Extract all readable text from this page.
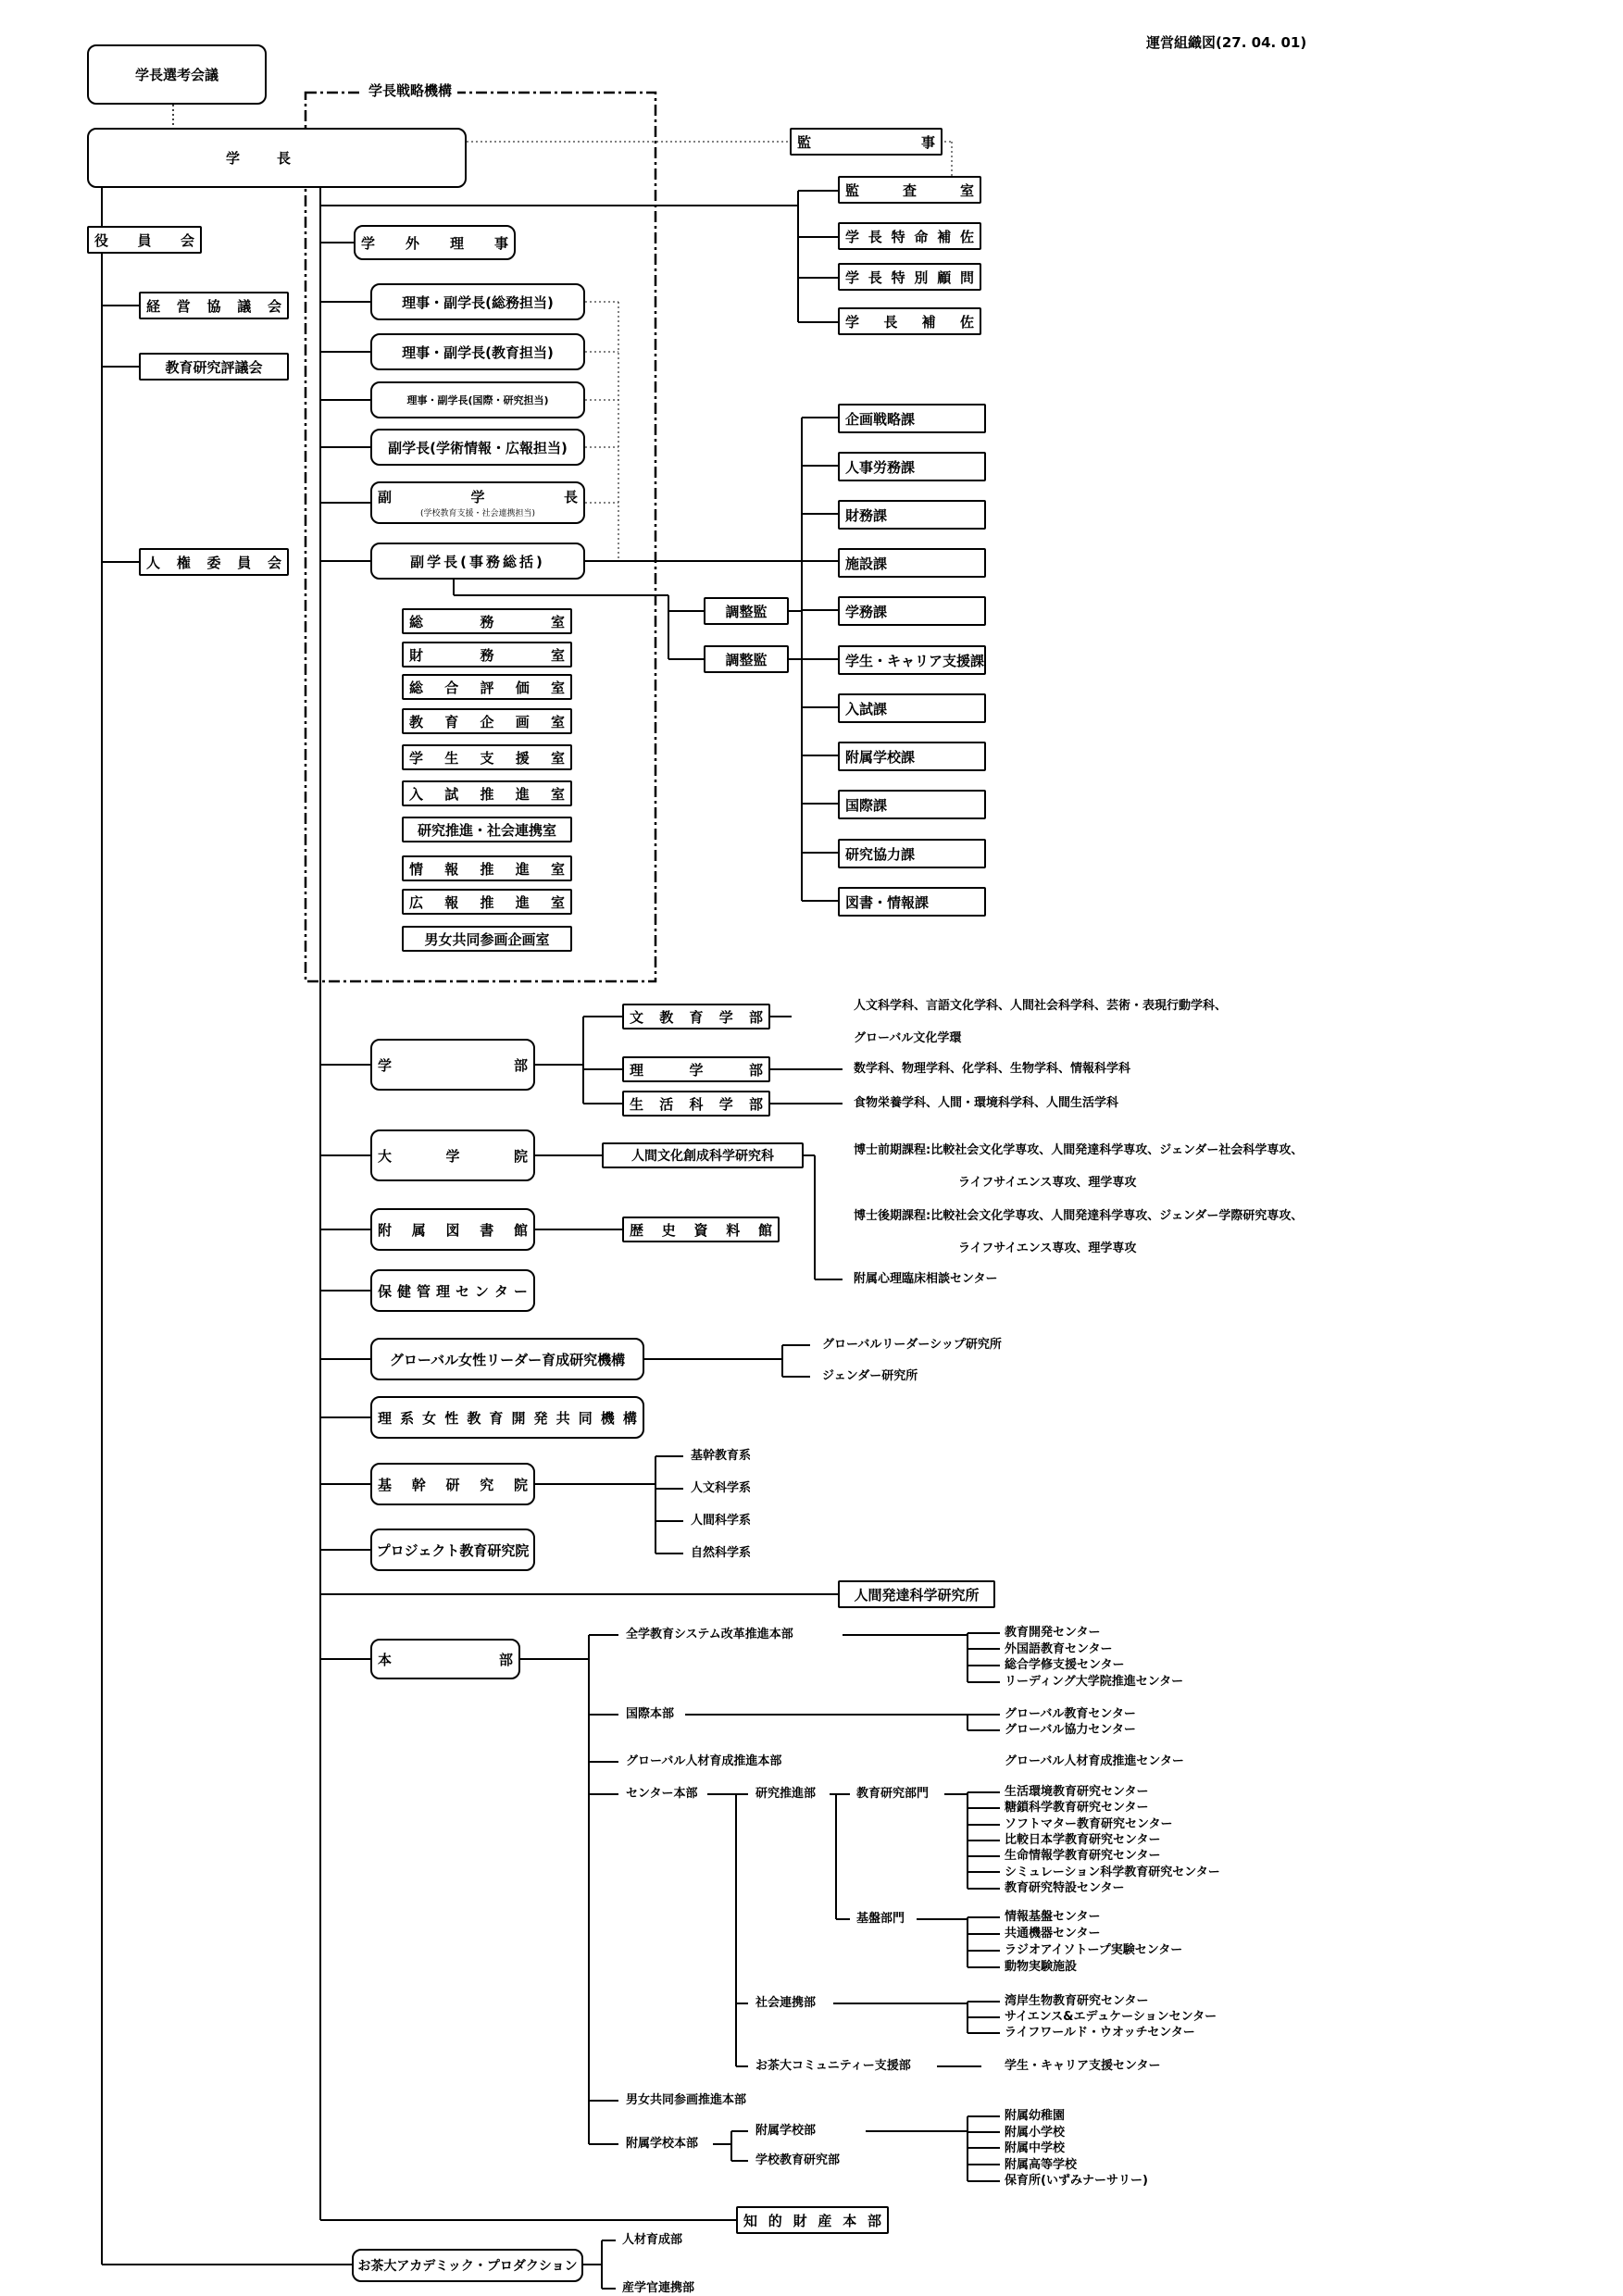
運営組織図(27. 04. 01)
学長選考会議
学長戦略機構
学長
監	事
監	査	室
学 長 特 命 補 佐
学 長 特 別 顧 問
学 長 補 佐
役 員 会
経 営 協 議 会
教育研究評議会
人 権 委 員 会
学 外 理 事
理事・副学長(総務担当)
理事・副学長(教育担当)
理事・副学長(国際・研究担当)
副学長(学術情報・広報担当)
副	学	長
(学校教育支援・社会連携担当)
副学長(事務総括)
調整監
調整監
総	務	室
財	務	室
総 合 評 価 室
教 育 企 画 室
学 生 支 援 室
入 試 推 進 室
研究推進・社会連携室
情 報 推 進 室
広 報 推 進 室
男女共同参画企画室
企画戦略課
人事労務課
財務課
施設課
学務課
学生・キャリア支援課
入試課
附属学校課
国際課
研究協力課
図書・情報課
学	部
文 教 育 学 部
理	学	部
生 活 科 学 部
人文科学科、言語文化学科、人間社会科学科、芸術・表現行動学科、
グローバル文化学環
数学科、物理学科、化学科、生物学科、情報科学科
食物栄養学科、人間・環境科学科、人間生活学科
大	学	院	人間文化創成科学研究科	博士前期課程:比較社会文化学専攻、人間発達科学専攻、ジェンダー社会科学専攻、
ライフサイエンス専攻、理学専攻
博士後期課程:比較社会文化学専攻、人間発達科学専攻、ジェンダー学際研究専攻、
ライフサイエンス専攻、理学専攻
附属心理臨床相談センター
附 属 図 書 館	歴 史 資 料 館
保 健 管 理 セ ン タ ー
グローバル女性リーダー育成研究機構
グローバルリーダーシップ研究所
ジェンダー研究所
理 系 女 性 教 育 開 発 共 同 機 構
基 幹 研 究 院
基幹教育系
人文科学系
人間科学系
自然科学系
プロジェクト教育研究院
人間発達科学研究所
本	部
全学教育システム改革推進本部	教育開発センター
外国語教育センター
総合学修支援センター
リーディング大学院推進センター
国際本部	グローバル教育センター
グローバル協力センター
グローバル人材育成推進本部	グローバル人材育成推進センター
センター本部	研究推進部	教育研究部門	生活環境教育研究センター
糖鎖科学教育研究センター
ソフトマター教育研究センター
比較日本学教育研究センター
生命情報学教育研究センター
シミュレーション科学教育研究センター
教育研究特設センター
基盤部門	情報基盤センター
共通機器センター
ラジオアイソトープ実験センター
動物実験施設
社会連携部	湾岸生物教育研究センター
サイエンス&エデュケーションセンター
ライフワールド・ウオッチセンター
お茶大コミュニティー支援部	学生・キャリア支援センター
男女共同参画推進本部
附属学校本部
附属学校部
学校教育研究部
附属幼稚園
附属小学校
附属中学校
附属高等学校
保育所(いずみナーサリー)
知 的 財 産 本 部
お茶大アカデミック・プロダクション
人材育成部
産学官連携部
